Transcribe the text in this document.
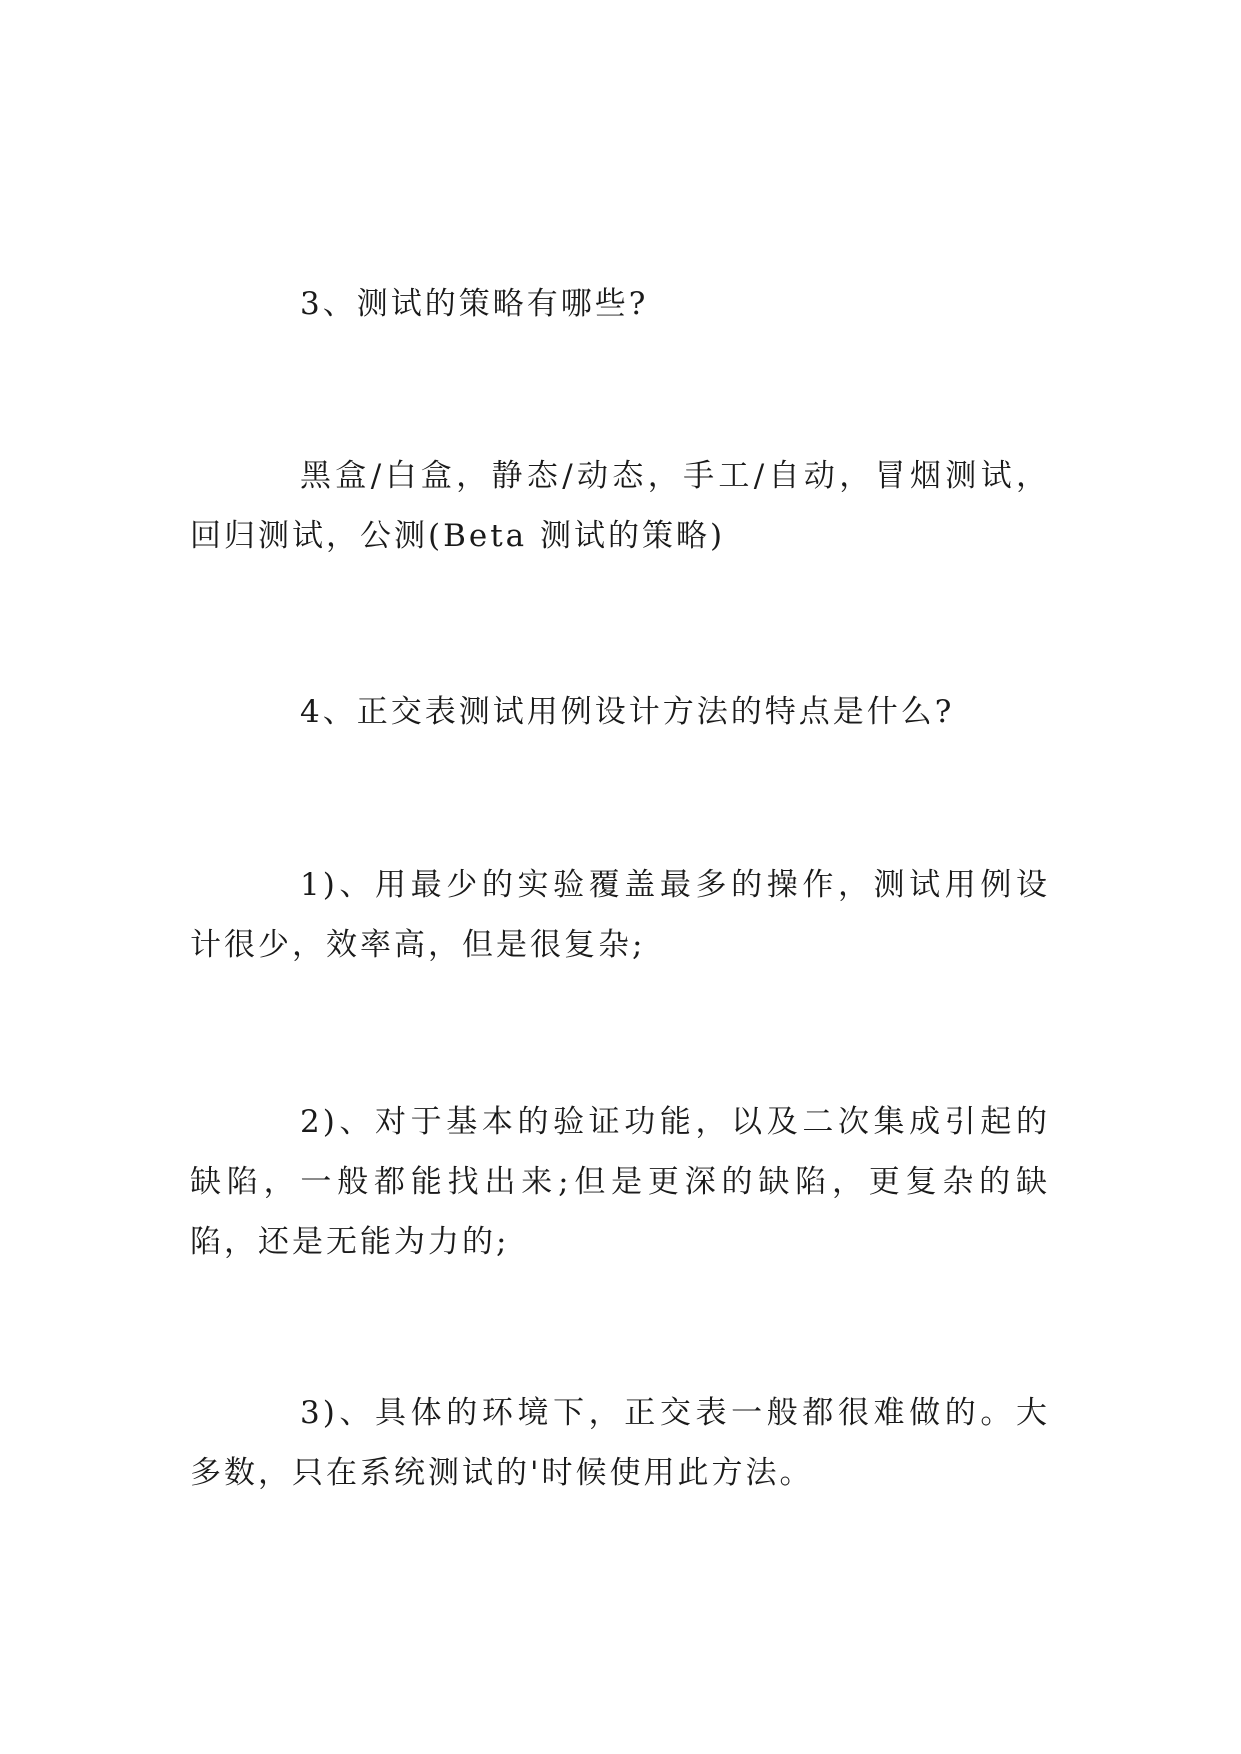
3、测试的策略有哪些?

黑盒/白盒，静态/动态，手工/自动，冒烟测试，回归测试，公测(Beta 测试的策略)

4、正交表测试用例设计方法的特点是什么?

1)、用最少的实验覆盖最多的操作，测试用例设计很少，效率高，但是很复杂;

2)、对于基本的验证功能，以及二次集成引起的缺陷，一般都能找出来;但是更深的缺陷，更复杂的缺陷，还是无能为力的;

3)、具体的环境下，正交表一般都很难做的。大多数，只在系统测试的'时候使用此方法。
